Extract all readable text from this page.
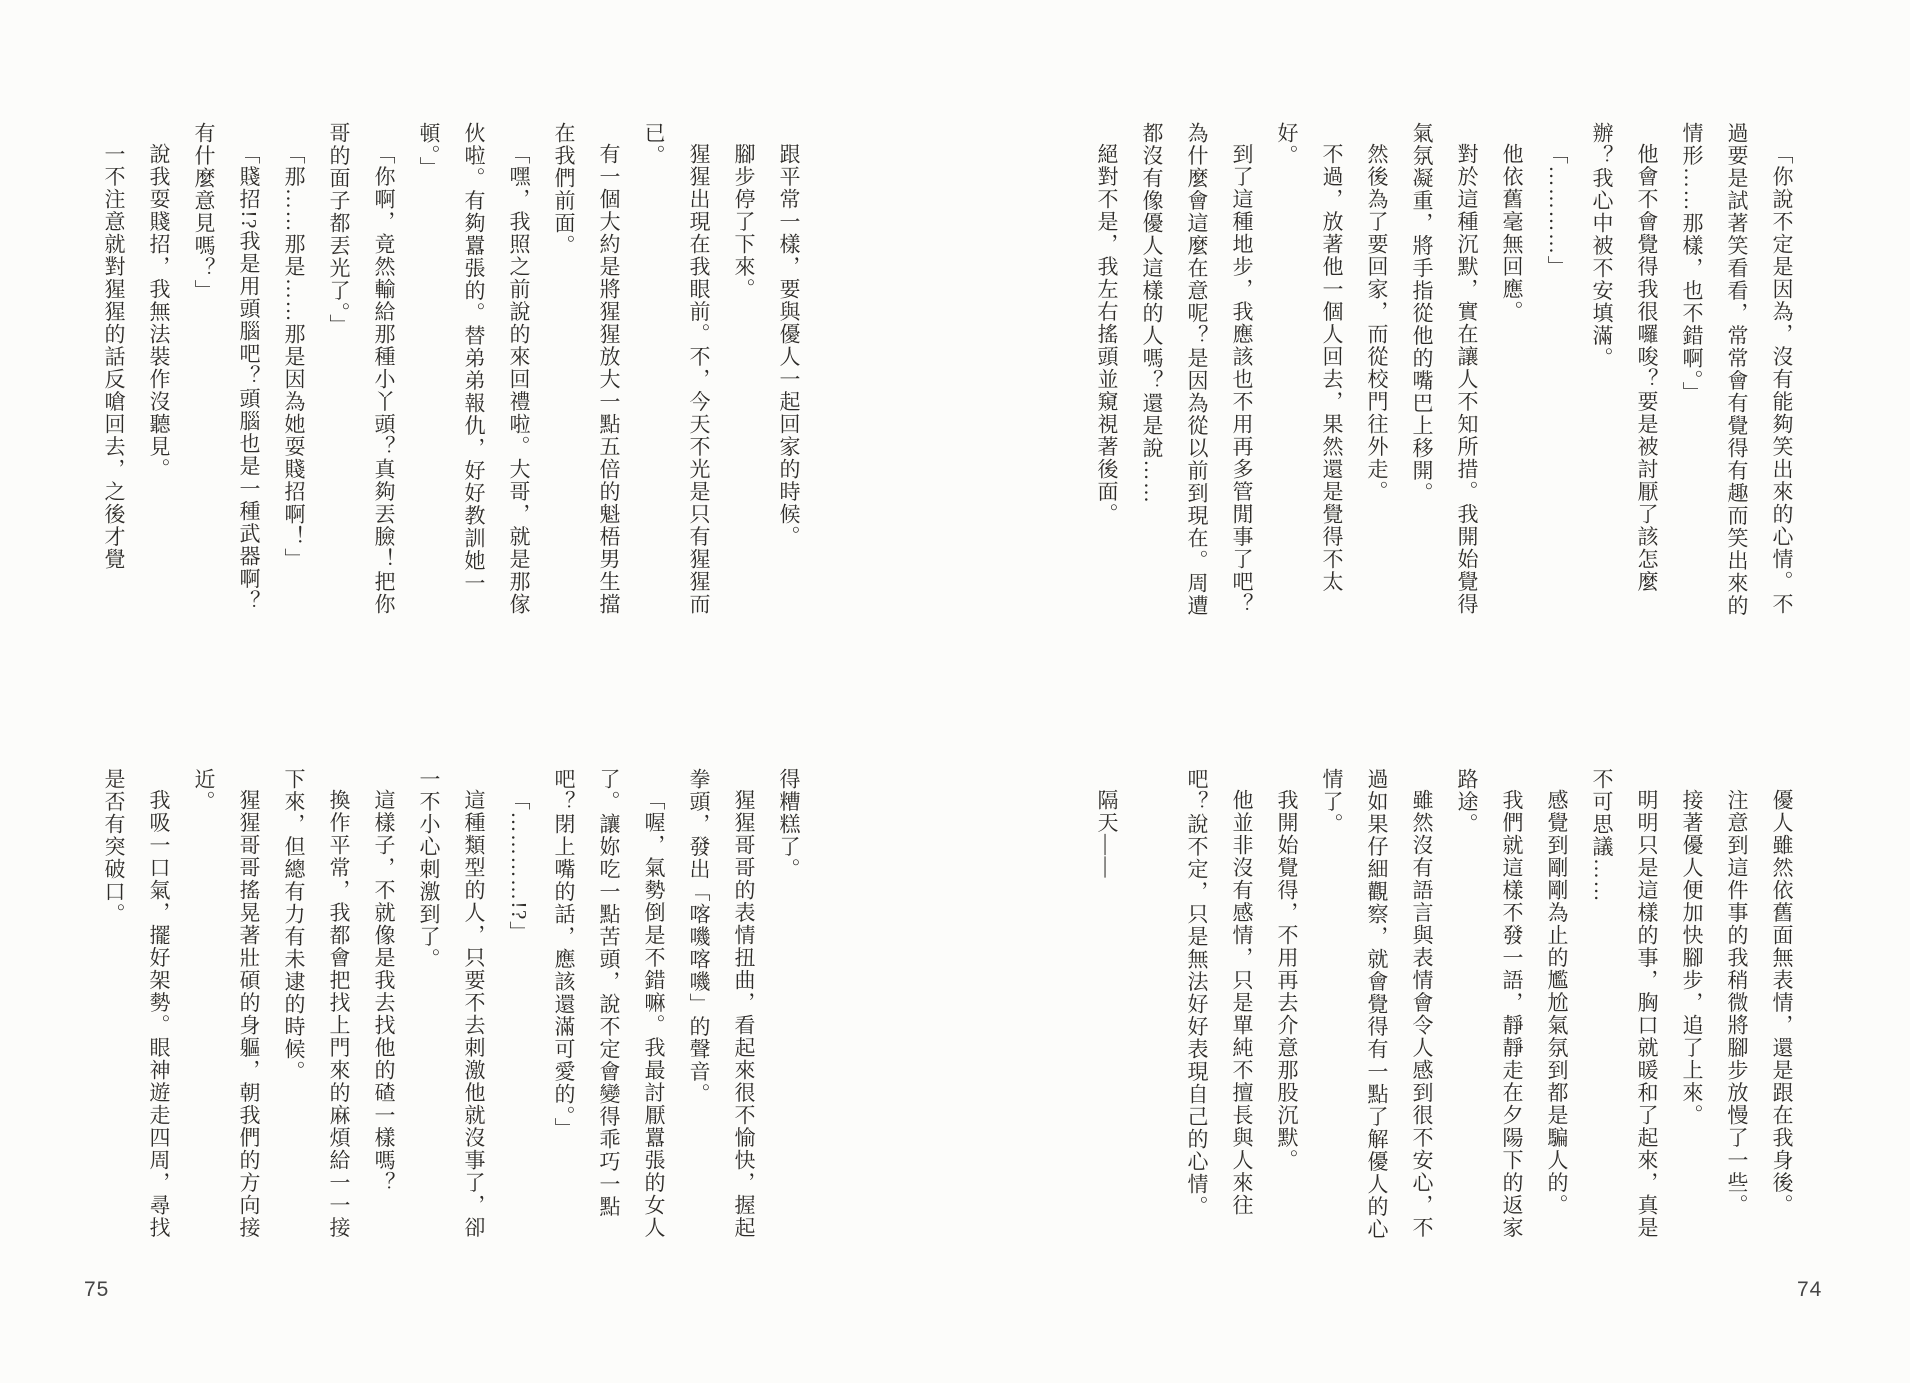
跟平常一樣，要與優人一起回家的時候。

腳步停了下來。

猩猩出現在我眼前。不，今天不光是只有猩猩而已。

有一個大約是將猩猩放大一點五倍的魁梧男生擋在我們前面。

「嘿，我照之前說的來回禮啦。大哥，就是那傢伙啦。有夠囂張的。替弟弟報仇，好好教訓她一頓。」

「你啊，竟然輸給那種小丫頭？真夠丟臉！把你哥的面子都丟光了。」

「那……那是……那是因為她耍賤招啊！」

「賤招!?我是用頭腦吧？頭腦也是一種武器啊？有什麼意見嗎？」

說我耍賤招，我無法裝作沒聽見。

一不注意就對猩猩的話反嗆回去，之後才覺

得糟糕了。

猩猩哥哥的表情扭曲，看起來很不愉快，握起拳頭，發出「喀嘰喀嘰」的聲音。

「喔，氣勢倒是不錯嘛。我最討厭囂張的女人了。讓妳吃一點苦頭，說不定會變得乖巧一點吧？閉上嘴的話，應該還滿可愛的。」

「…………!?」

這種類型的人，只要不去刺激他就沒事了，卻一不小心刺激到了。

這樣子，不就像是我去找他的碴一樣嗎？

換作平常，我都會把找上門來的麻煩給一一接下來，但總有力有未逮的時候。

猩猩哥哥搖晃著壯碩的身軀，朝我們的方向接近。

我吸一口氣，擺好架勢。眼神遊走四周，尋找是否有突破口。

75

「你說不定是因為，沒有能夠笑出來的心情。不過要是試著笑看看，常常會有覺得有趣而笑出來的情形……那樣，也不錯啊。」

他會不會覺得我很囉唆？要是被討厭了該怎麼辦？我心中被不安填滿。

「…………」

他依舊毫無回應。

對於這種沉默，實在讓人不知所措。我開始覺得氣氛凝重，將手指從他的嘴巴上移開。

然後為了要回家，而從校門往外走。

不過，放著他一個人回去，果然還是覺得不太好。

到了這種地步，我應該也不用再多管閒事了吧？為什麼會這麼在意呢？是因為從以前到現在。周遭都沒有像優人這樣的人嗎？還是說……

絕對不是，我左右搖頭並窺視著後面。

優人雖然依舊面無表情，還是跟在我身後。

注意到這件事的我稍微將腳步放慢了一些。

接著優人便加快腳步，追了上來。

明明只是這樣的事，胸口就暖和了起來，真是不可思議……

感覺到剛剛為止的尷尬氣氛到都是騙人的。

我們就這樣不發一語，靜靜走在夕陽下的返家路途。

雖然沒有語言與表情會令人感到很不安心，不過如果仔細觀察，就會覺得有一點了解優人的心情了。

我開始覺得，不用再去介意那股沉默。

他並非沒有感情，只是單純不擅長與人來往吧？說不定，只是無法好好表現自己的心情。

隔天——

74
